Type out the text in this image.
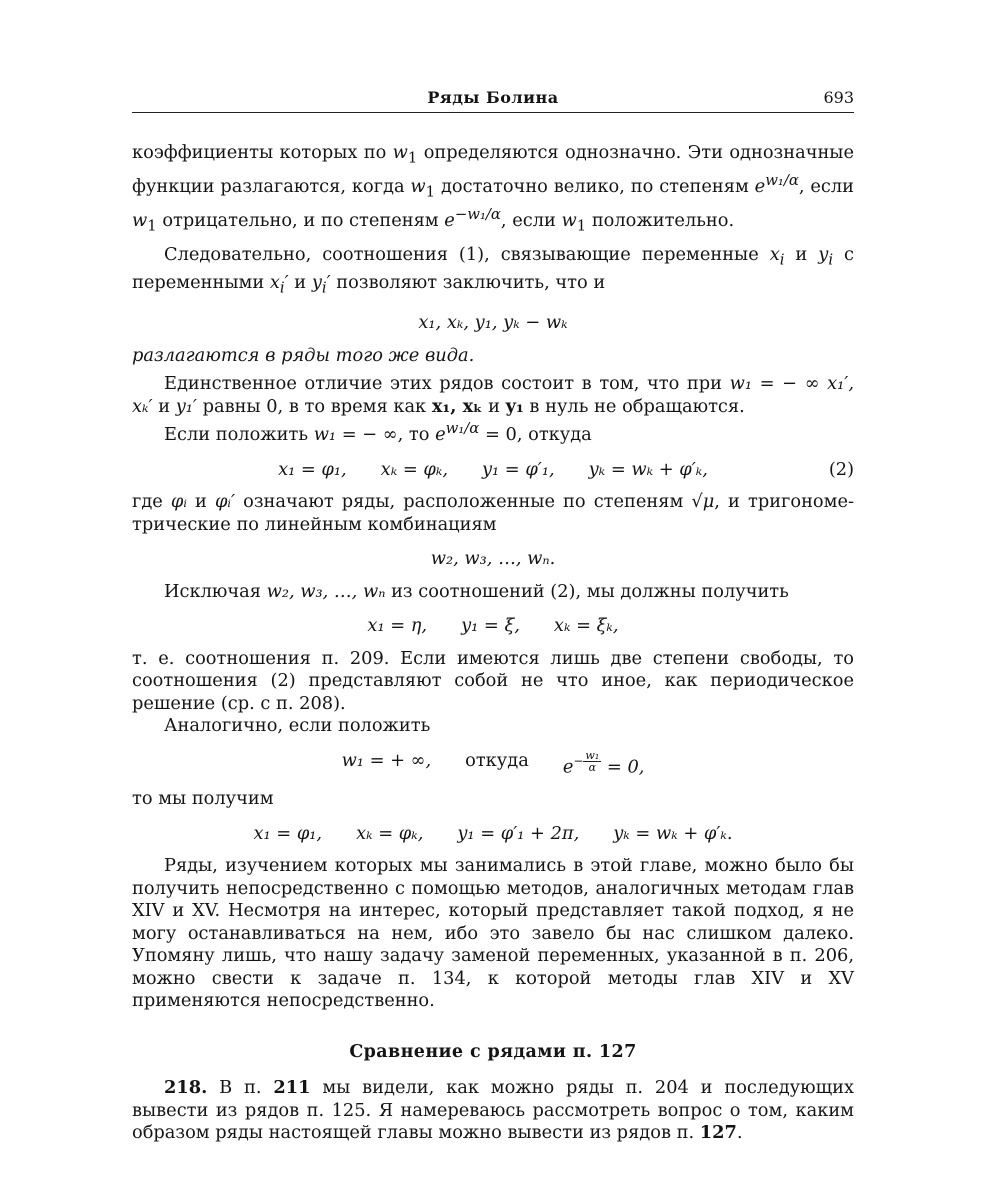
Ряды Болина	693

коэффициенты которых по $w_1$ определяются однозначно. Эти однозначные функции разлагаются, когда $w_1$ достаточно велико, по степеням $e^{w_1/\alpha}$, если $w_1$ отрицательно, и по степеням $e^{-w_1/\alpha}$, если $w_1$ положительно.

Следовательно, соотношения (1), связывающие переменные $x_i$ и $y_i$ с переменными $x_i'$ и $y_i'$ позволяют заключить, что и

x₁, xₖ, y₁, yₖ − wₖ

разлагаются в ряды того же вида.

Единственное отличие этих рядов состоит в том, что при w₁ = − ∞ x₁′, xₖ′ и y₁′ равны 0, в то время как x₁, xₖ и y₁ в нуль не обращаются.

Если положить w₁ = − ∞, то $e^{w_1/\alpha} = 0$, откуда

x₁ = φ₁, xₖ = φₖ, y₁ = φ′₁, yₖ = wₖ + φ′ₖ,	(2)

где φᵢ и φᵢ′ означают ряды, расположенные по степеням √μ, и тригономе- трические по линейным комбинациям

w₂, w₃, …, wₙ.

Исключая w₂, w₃, …, wₙ из соотношений (2), мы должны получить

x₁ = η, y₁ = ξ, xₖ = ξₖ,

т. е. соотношения п. 209. Если имеются лишь две степени свободы, то соотношения (2) представляют собой не что иное, как периодическое решение (ср. с п. 208).

Аналогично, если положить

w₁ = + ∞, откуда $e^{- \frac{\text{w₁}}{\alpha}} = 0$,

то мы получим

x₁ = φ₁, xₖ = φₖ, y₁ = φ′₁ + 2π, yₖ = wₖ + φ′ₖ.

Ряды, изучением которых мы занимались в этой главе, можно было бы получить непосредственно с помощью методов, аналогичных методам глав XIV и XV. Несмотря на интерес, который представляет такой подход, я не могу останавливаться на нем, ибо это завело бы нас слишком далеко. Упомяну лишь, что нашу задачу заменой переменных, указанной в п. 206, можно свести к задаче п. 134, к которой методы глав XIV и XV применяются непосредственно.

Сравнение с рядами п. 127

218. В п. 211 мы видели, как можно ряды п. 204 и последующих вывести из рядов п. 125. Я намереваюсь рассмотреть вопрос о том, каким образом ряды настоящей главы можно вывести из рядов п. 127.
